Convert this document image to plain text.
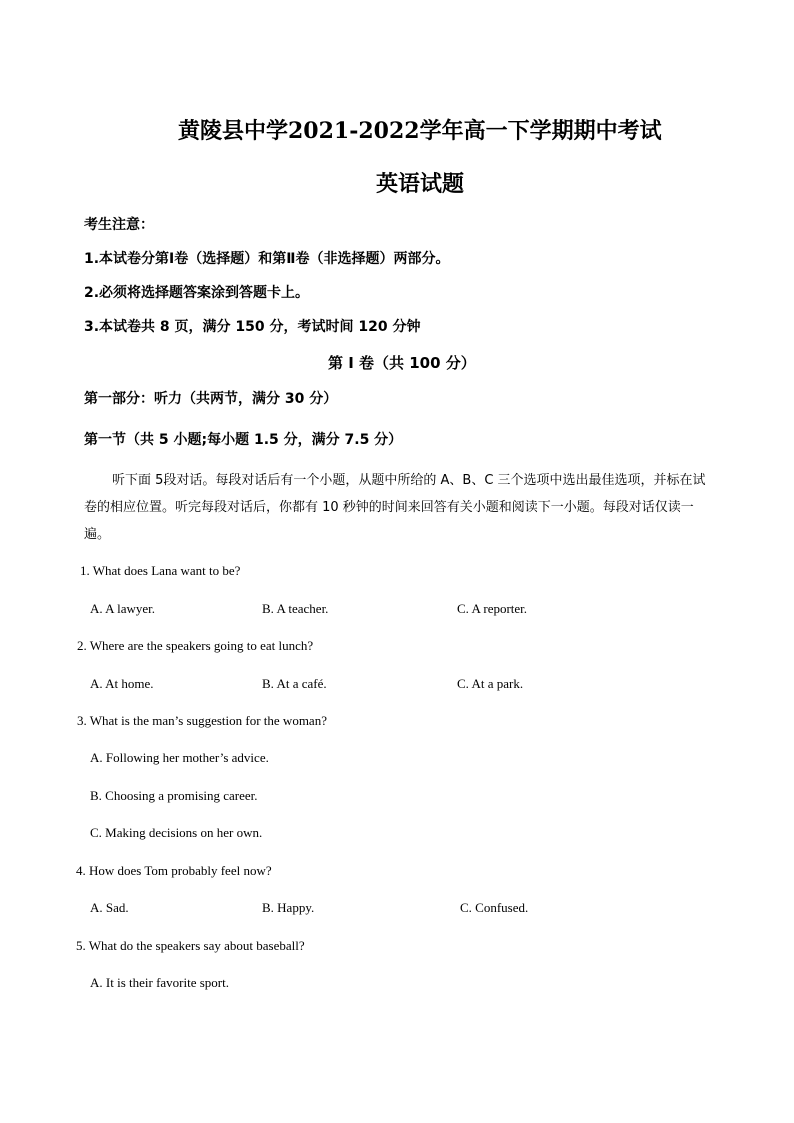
黄陵县中学2021-2022学年高一下学期期中考试
英语试题
考生注意：
1.本试卷分第Ⅰ卷（选择题）和第Ⅱ卷（非选择题）两部分。
2.必须将选择题答案涂到答题卡上。
3.本试卷共 8 页，满分 150 分，考试时间 120 分钟
第 Ⅰ 卷（共 100 分）
第一部分：听力（共两节，满分 30 分）
第一节（共 5 小题;每小题 1.5 分，满分 7.5 分）
听下面 5段对话。每段对话后有一个小题，从题中所给的 A、B、C 三个选项中选出最佳选项，并标在试
卷的相应位置。听完每段对话后，你都有 10 秒钟的时间来回答有关小题和阅读下一小题。每段对话仅读一
遍。
1. What does Lana want to be?
A. A lawyer.	B. A teacher.	C. A reporter.
2. Where are the speakers going to eat lunch?
A. At home.	B. At a café.	C. At a park.
3. What is the man’s suggestion for the woman?
A. Following her mother’s advice.
B. Choosing a promising career.
C. Making decisions on her own.
4. How does Tom probably feel now?
A. Sad.	B. Happy.	C. Confused.
5. What do the speakers say about baseball?
A. It is their favorite sport.
